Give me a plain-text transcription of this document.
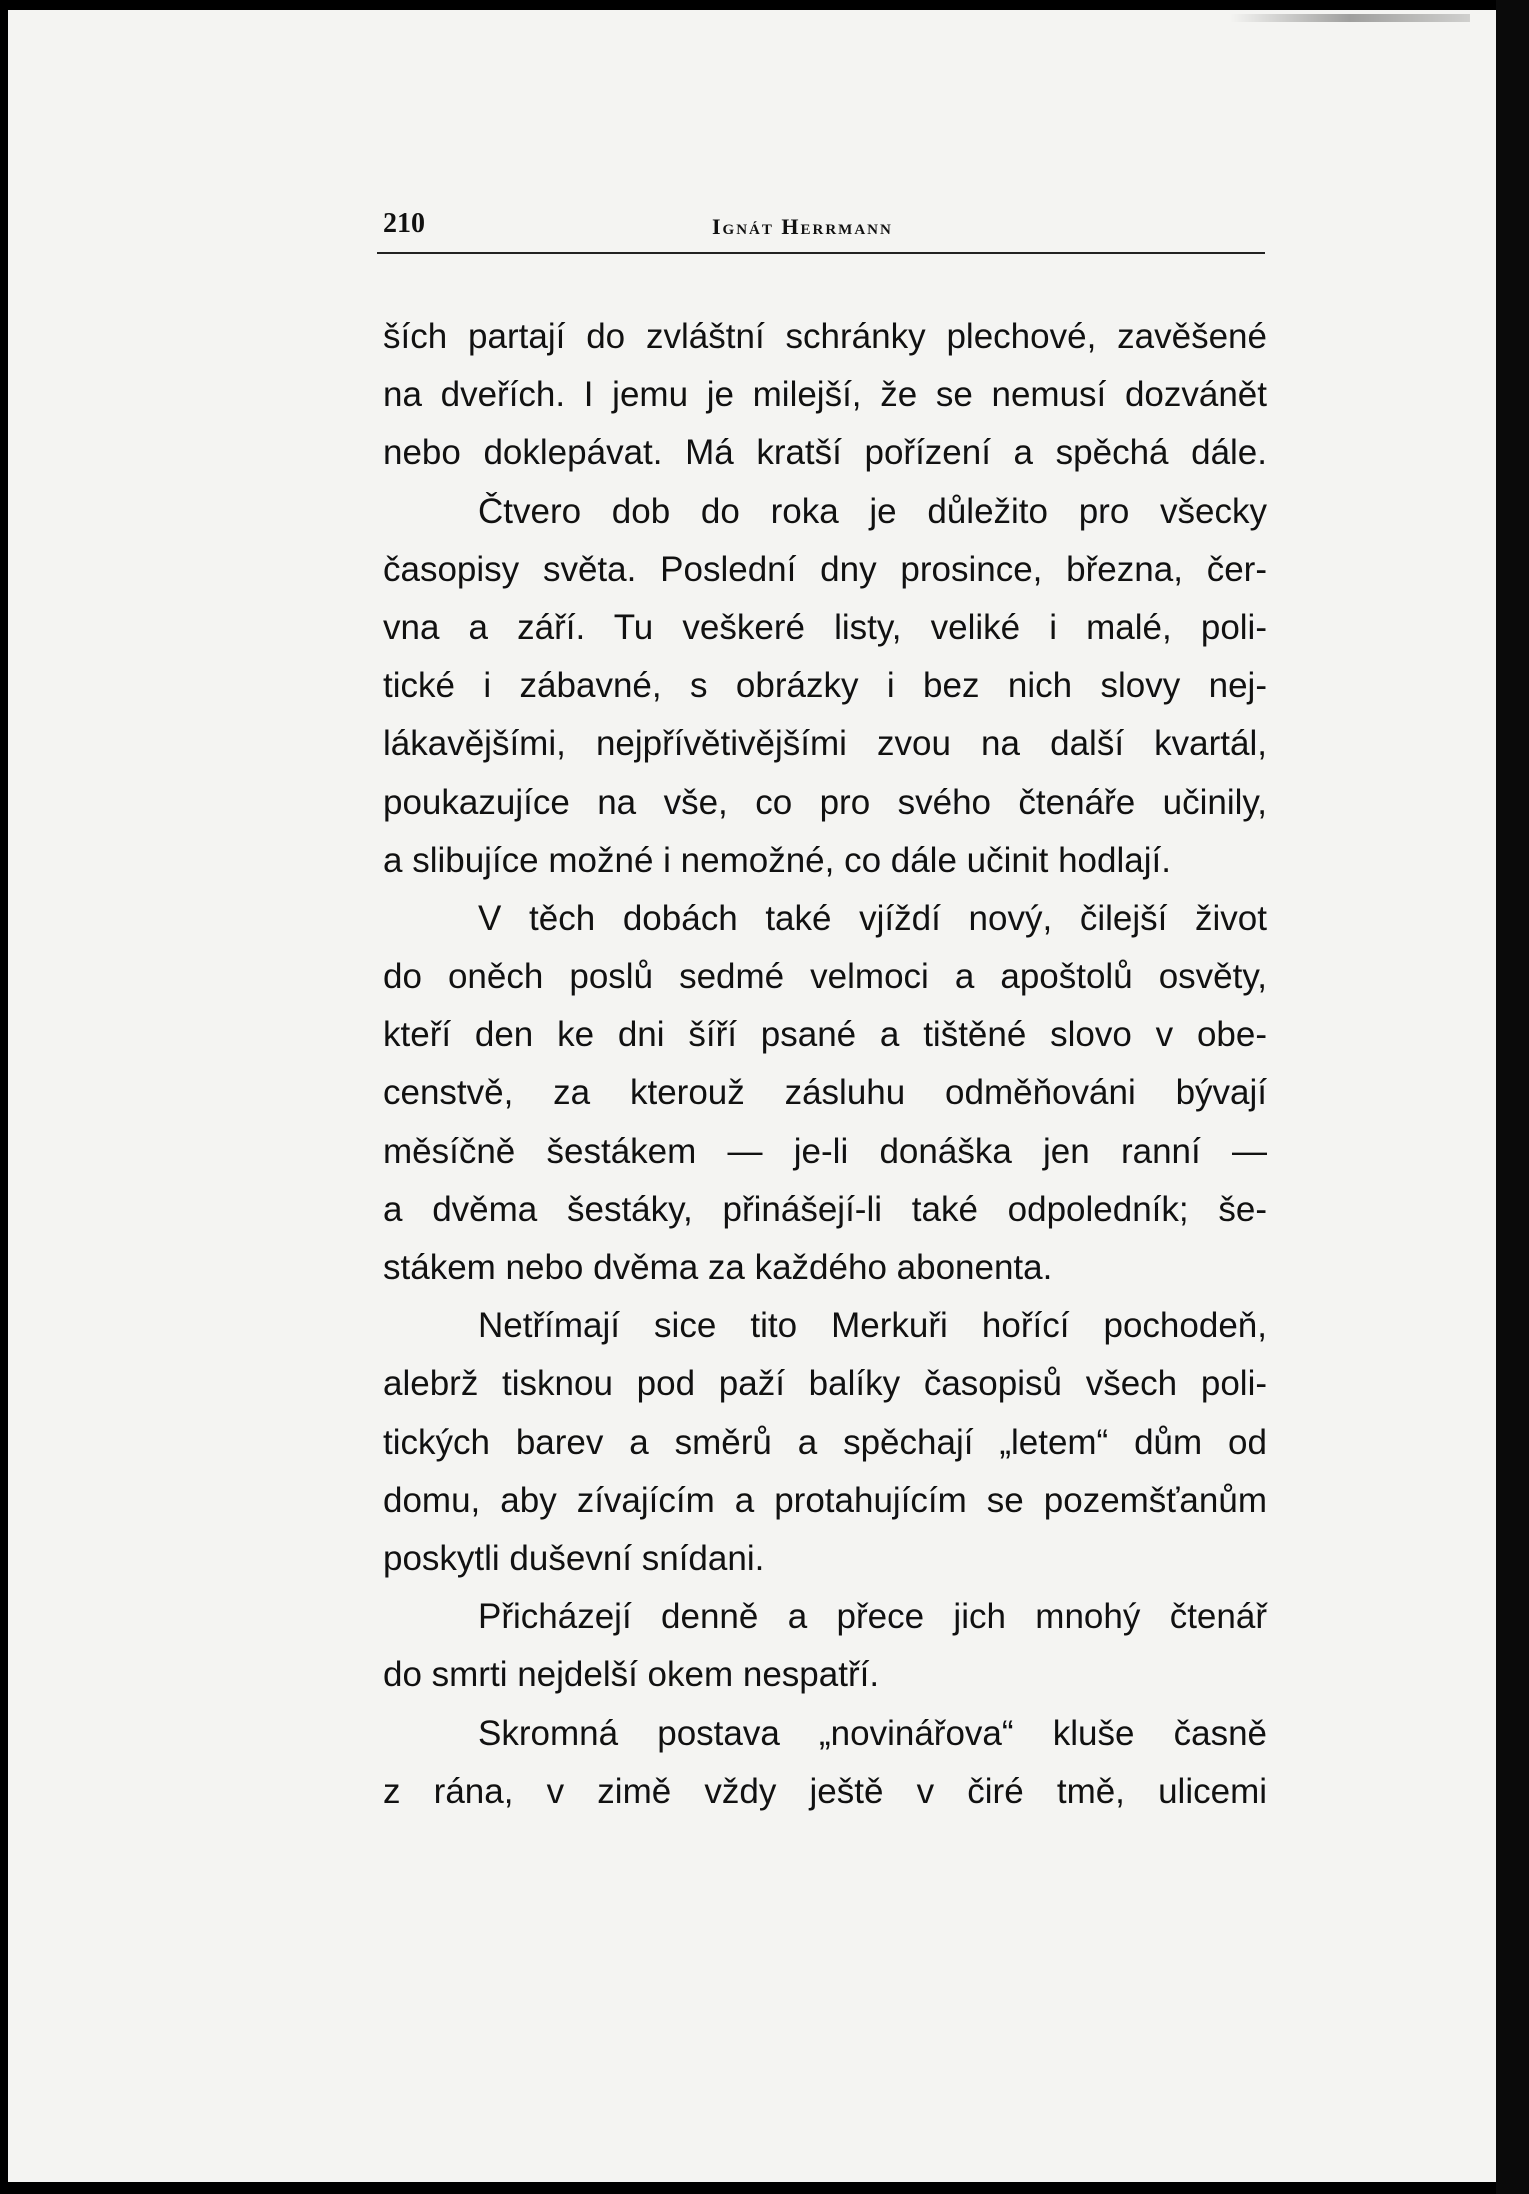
210	Ignát Herrmann
ších partají do zvláštní schránky plechové, zavěšené
na dveřích. I jemu je milejší, že se nemusí dozvánět
nebo doklepávat. Má kratší pořízení a spěchá dále.
Čtvero dob do roka je důležito pro všecky
časopisy světa. Poslední dny prosince, března, čer-
vna a září. Tu veškeré listy, veliké i malé, poli-
tické i zábavné, s obrázky i bez nich slovy nej-
lákavějšími, nejpřívětivějšími zvou na další kvartál,
poukazujíce na vše, co pro svého čtenáře učinily,
a slibujíce možné i nemožné, co dále učinit hodlají.
V těch dobách také vjíždí nový, čilejší život
do oněch poslů sedmé velmoci a apoštolů osvěty,
kteří den ke dni šíří psané a tištěné slovo v obe-
censtvě, za kterouž zásluhu odměňováni bývají
měsíčně šestákem — je-li donáška jen ranní —
a dvěma šestáky, přinášejí-li také odpoledník; še-
stákem nebo dvěma za každého abonenta.
Netřímají sice tito Merkuři hořící pochodeň,
alebrž tisknou pod paží balíky časopisů všech poli-
tických barev a směrů a spěchají „letem“ dům od
domu, aby zívajícím a protahujícím se pozemšťanům
poskytli duševní snídani.
Přicházejí denně a přece jich mnohý čtenář
do smrti nejdelší okem nespatří.
Skromná postava „novinářova“ kluše časně
z rána, v zimě vždy ještě v čiré tmě, ulicemi
